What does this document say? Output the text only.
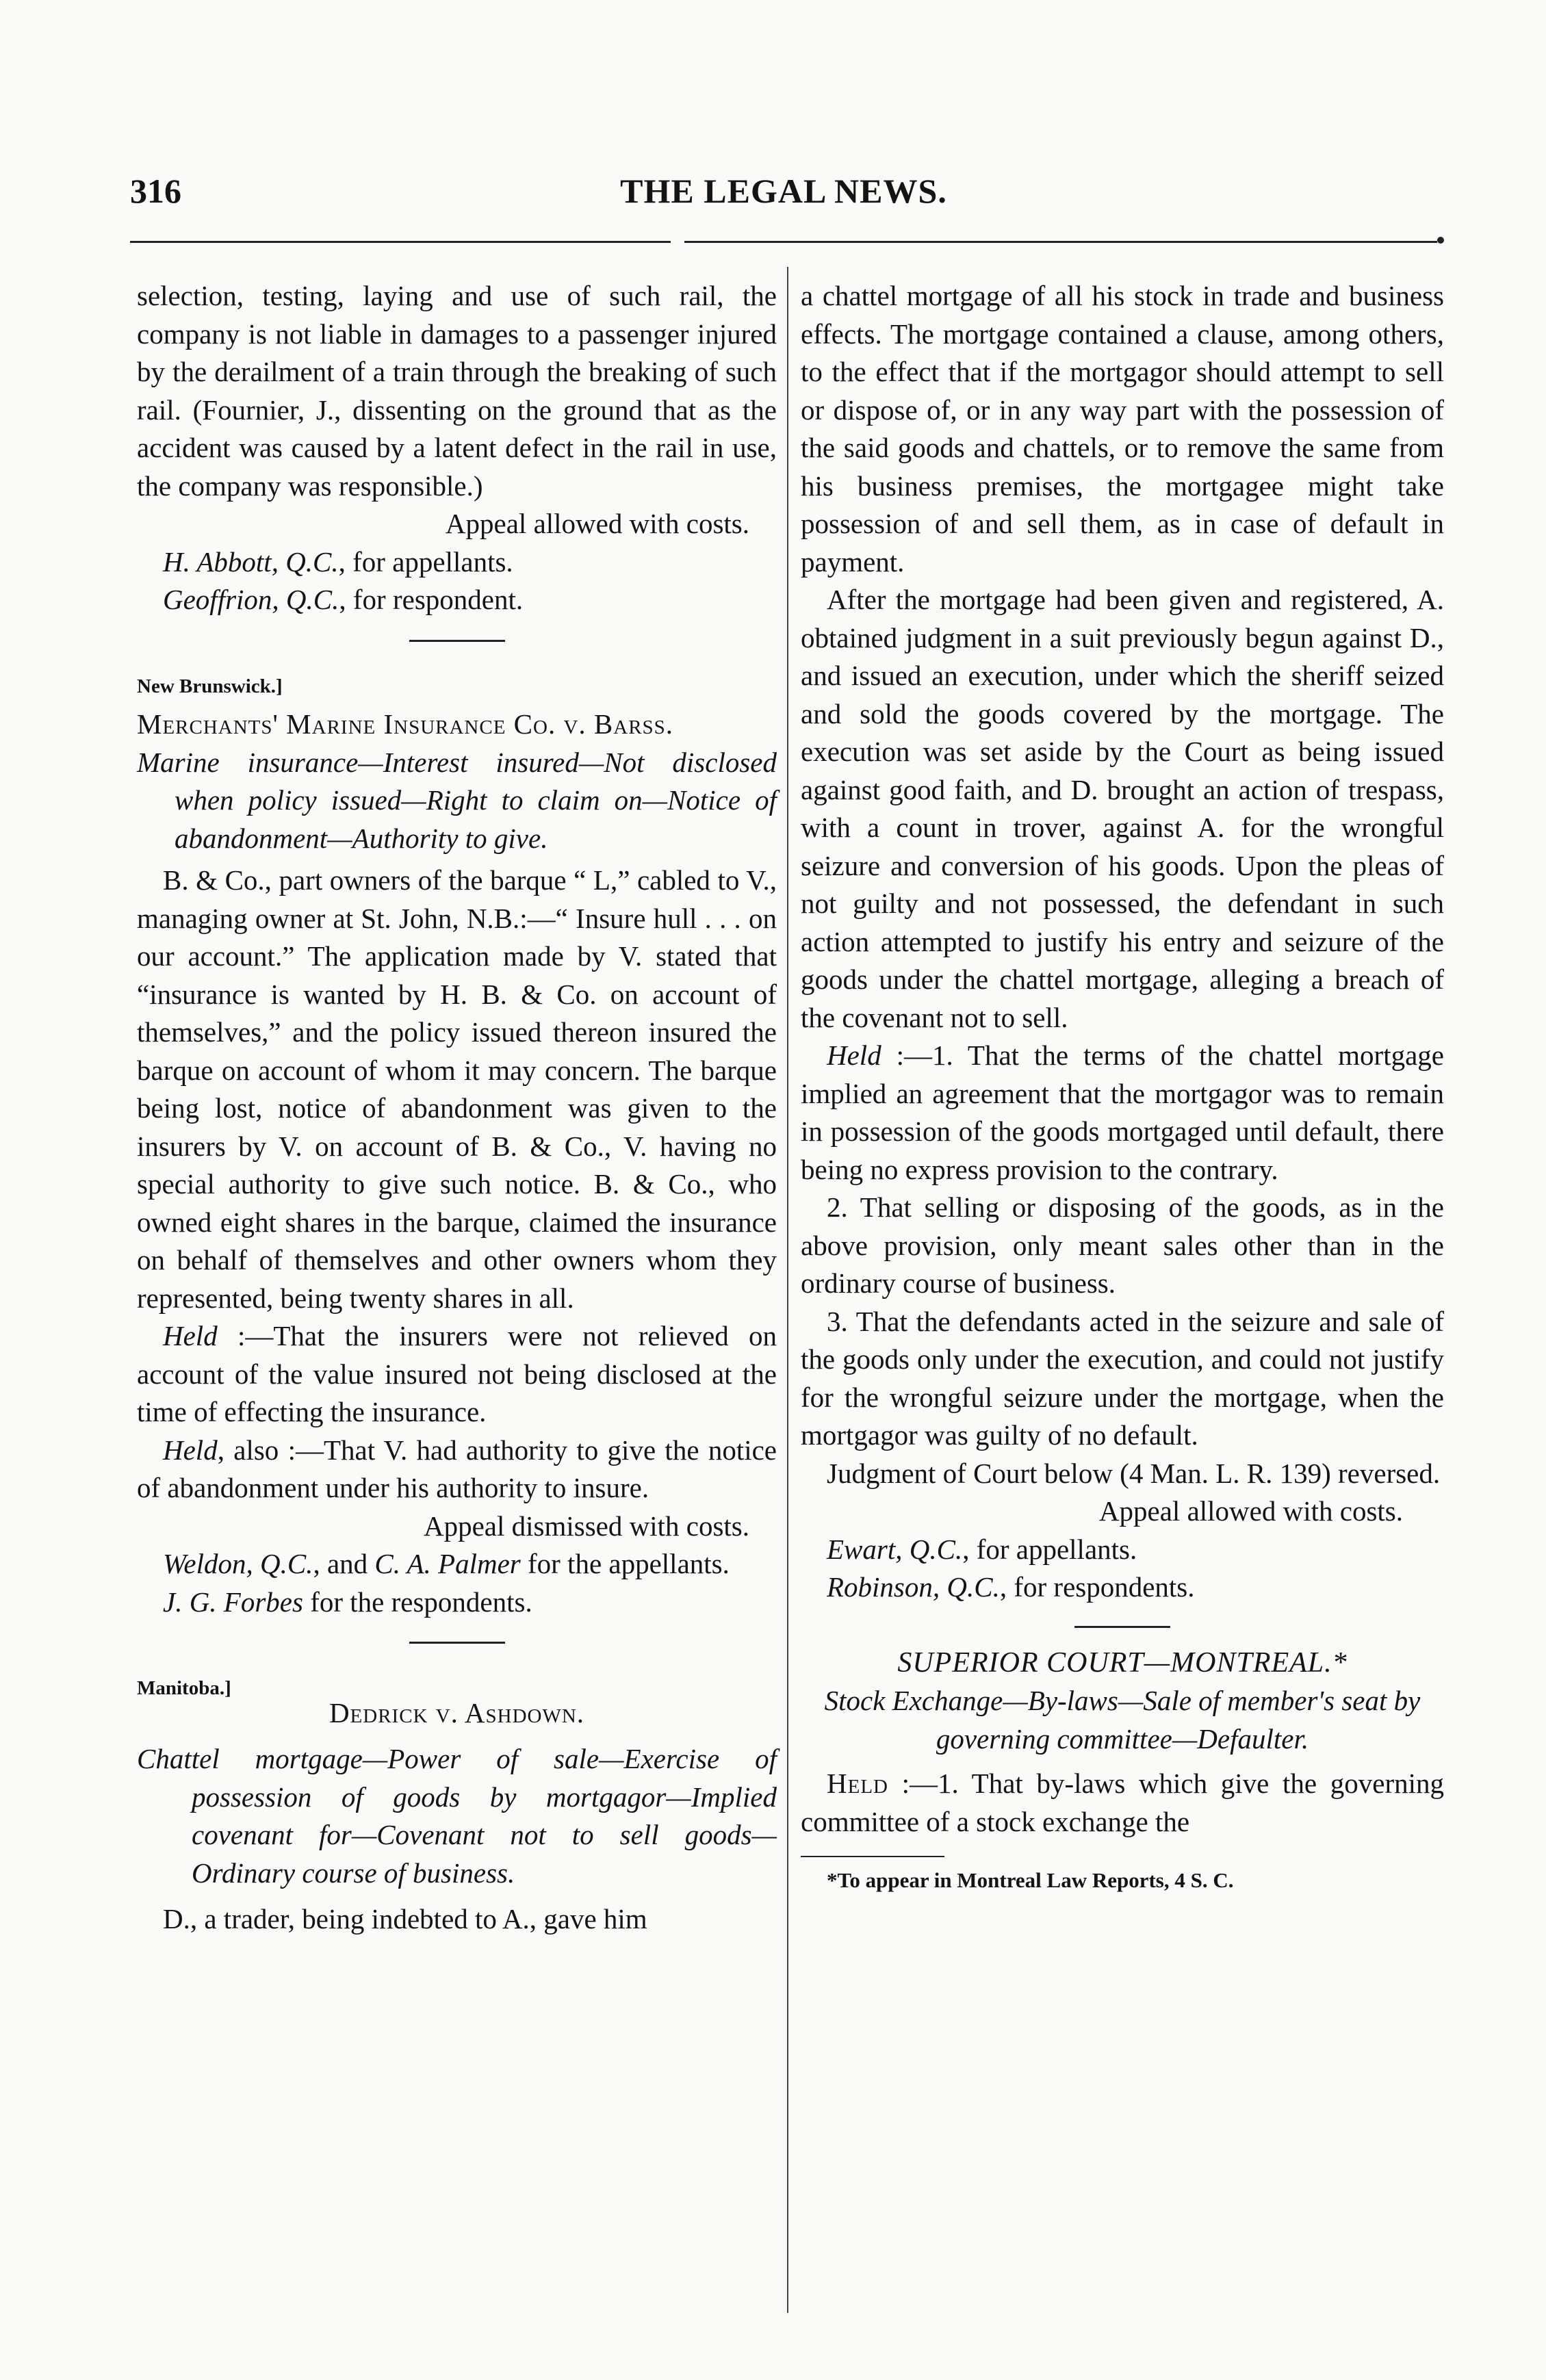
316	THE LEGAL NEWS.

selection, testing, laying and use of such rail, the company is not liable in damages to a passenger injured by the derailment of a train through the breaking of such rail. (Fournier, J., dissenting on the ground that as the accident was caused by a latent defect in the rail in use, the company was responsible.)

Appeal allowed with costs.

H. Abbott, Q.C., for appellants.

Geoffrion, Q.C., for respondent.

New Brunswick.]

Merchants' Marine Insurance Co. v. Barss.

Marine insurance—Interest insured—Not disclosed when policy issued—Right to claim on—Notice of abandonment—Authority to give.

B. & Co., part owners of the barque “ L,” cabled to V., managing owner at St. John, N.B.:—“ Insure hull . . . on our account.” The application made by V. stated that “insurance is wanted by H. B. & Co. on account of themselves,” and the policy issued thereon insured the barque on account of whom it may concern. The barque being lost, notice of abandonment was given to the insurers by V. on account of B. & Co., V. having no special authority to give such notice. B. & Co., who owned eight shares in the barque, claimed the insurance on behalf of themselves and other owners whom they represented, being twenty shares in all.

Held :—That the insurers were not relieved on account of the value insured not being disclosed at the time of effecting the insurance.

Held, also :—That V. had authority to give the notice of abandonment under his authority to insure.

Appeal dismissed with costs.

Weldon, Q.C., and C. A. Palmer for the appellants.

J. G. Forbes for the respondents.

Manitoba.]

Dedrick v. Ashdown.

Chattel mortgage—Power of sale—Exercise of possession of goods by mortgagor—Implied covenant for—Covenant not to sell goods—Ordinary course of business.

D., a trader, being indebted to A., gave him

a chattel mortgage of all his stock in trade and business effects. The mortgage contained a clause, among others, to the effect that if the mortgagor should attempt to sell or dispose of, or in any way part with the possession of the said goods and chattels, or to remove the same from his business premises, the mortgagee might take possession of and sell them, as in case of default in payment.

After the mortgage had been given and registered, A. obtained judgment in a suit previously begun against D., and issued an execution, under which the sheriff seized and sold the goods covered by the mortgage. The execution was set aside by the Court as being issued against good faith, and D. brought an action of trespass, with a count in trover, against A. for the wrongful seizure and conversion of his goods. Upon the pleas of not guilty and not possessed, the defendant in such action attempted to justify his entry and seizure of the goods under the chattel mortgage, alleging a breach of the covenant not to sell.

Held :—1. That the terms of the chattel mortgage implied an agreement that the mortgagor was to remain in possession of the goods mortgaged until default, there being no express provision to the contrary.

2. That selling or disposing of the goods, as in the above provision, only meant sales other than in the ordinary course of business.

3. That the defendants acted in the seizure and sale of the goods only under the execution, and could not justify for the wrongful seizure under the mortgage, when the mortgagor was guilty of no default.

Judgment of Court below (4 Man. L. R. 139) reversed.

Appeal allowed with costs.

Ewart, Q.C., for appellants.

Robinson, Q.C., for respondents.

SUPERIOR COURT—MONTREAL.*

Stock Exchange—By-laws—Sale of member's seat by governing committee—Defaulter.

Held :—1. That by-laws which give the governing committee of a stock exchange the

*To appear in Montreal Law Reports, 4 S. C.
